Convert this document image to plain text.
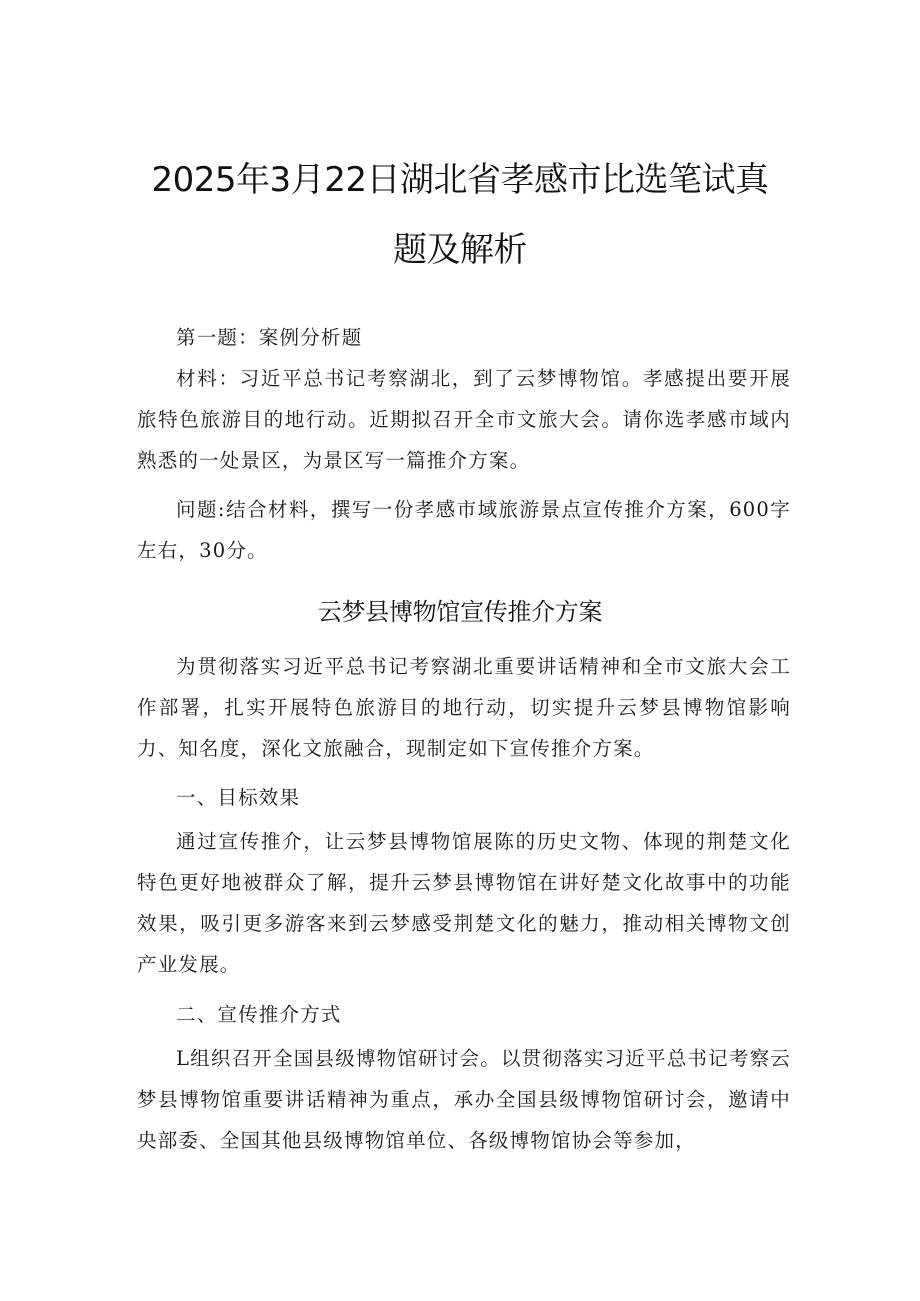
2025年3月22日湖北省孝感市比选笔试真
题及解析

第一题：案例分析题

材料：习近平总书记考察湖北，到了云梦博物馆。孝感提出要开展旅特色旅游目的地行动。近期拟召开全市文旅大会。请你选孝感市域内熟悉的一处景区，为景区写一篇推介方案。

问题:结合材料，撰写一份孝感市域旅游景点宣传推介方案，600字左右，30分。

云梦县博物馆宣传推介方案

为贯彻落实习近平总书记考察湖北重要讲话精神和全市文旅大会工作部署，扎实开展特色旅游目的地行动，切实提升云梦县博物馆影响力、知名度，深化文旅融合，现制定如下宣传推介方案。

一、目标效果

通过宣传推介，让云梦县博物馆展陈的历史文物、体现的荆楚文化特色更好地被群众了解，提升云梦县博物馆在讲好楚文化故事中的功能效果，吸引更多游客来到云梦感受荆楚文化的魅力，推动相关博物文创产业发展。

二、宣传推介方式

L组织召开全国县级博物馆研讨会。以贯彻落实习近平总书记考察云梦县博物馆重要讲话精神为重点，承办全国县级博物馆研讨会，邀请中央部委、全国其他县级博物馆单位、各级博物馆协会等参加，
